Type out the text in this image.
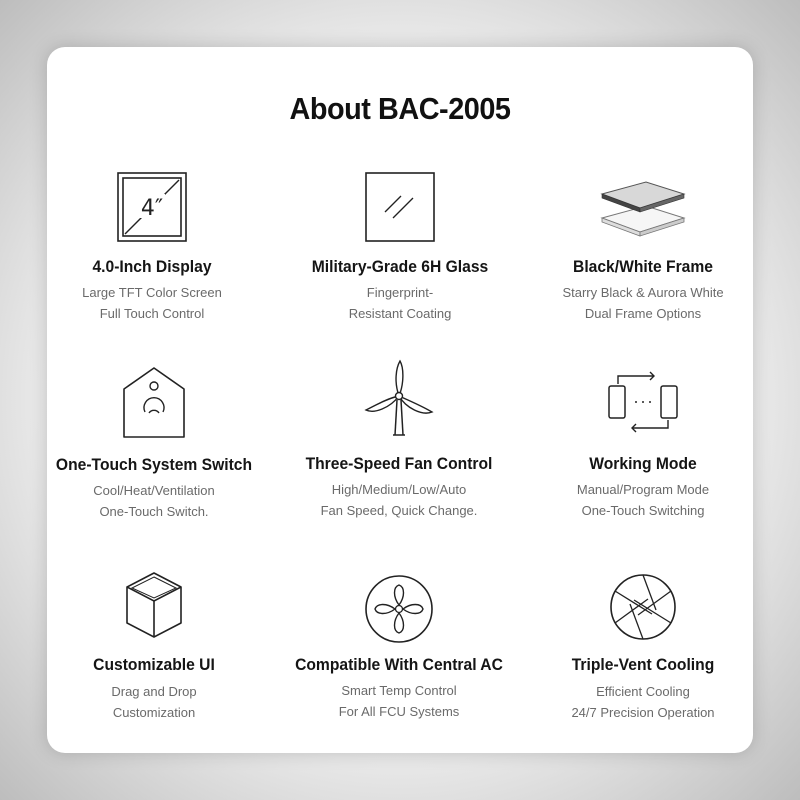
About BAC-2005
4″
4.0-Inch Display
Large TFT Color Screen
Full Touch Control
Military-Grade 6H Glass
Fingerprint-
Resistant Coating
Black/White Frame
Starry Black & Aurora White
Dual Frame Options
One-Touch System Switch
Cool/Heat/Ventilation
One-Touch Switch.
Three-Speed Fan Control
High/Medium/Low/Auto
Fan Speed, Quick Change.
Working Mode
Manual/Program Mode
One-Touch Switching
Customizable UI
Drag and Drop
Customization
Compatible With Central AC
Smart Temp Control
For All FCU Systems
Triple-Vent Cooling
Efficient Cooling
24/7 Precision Operation
